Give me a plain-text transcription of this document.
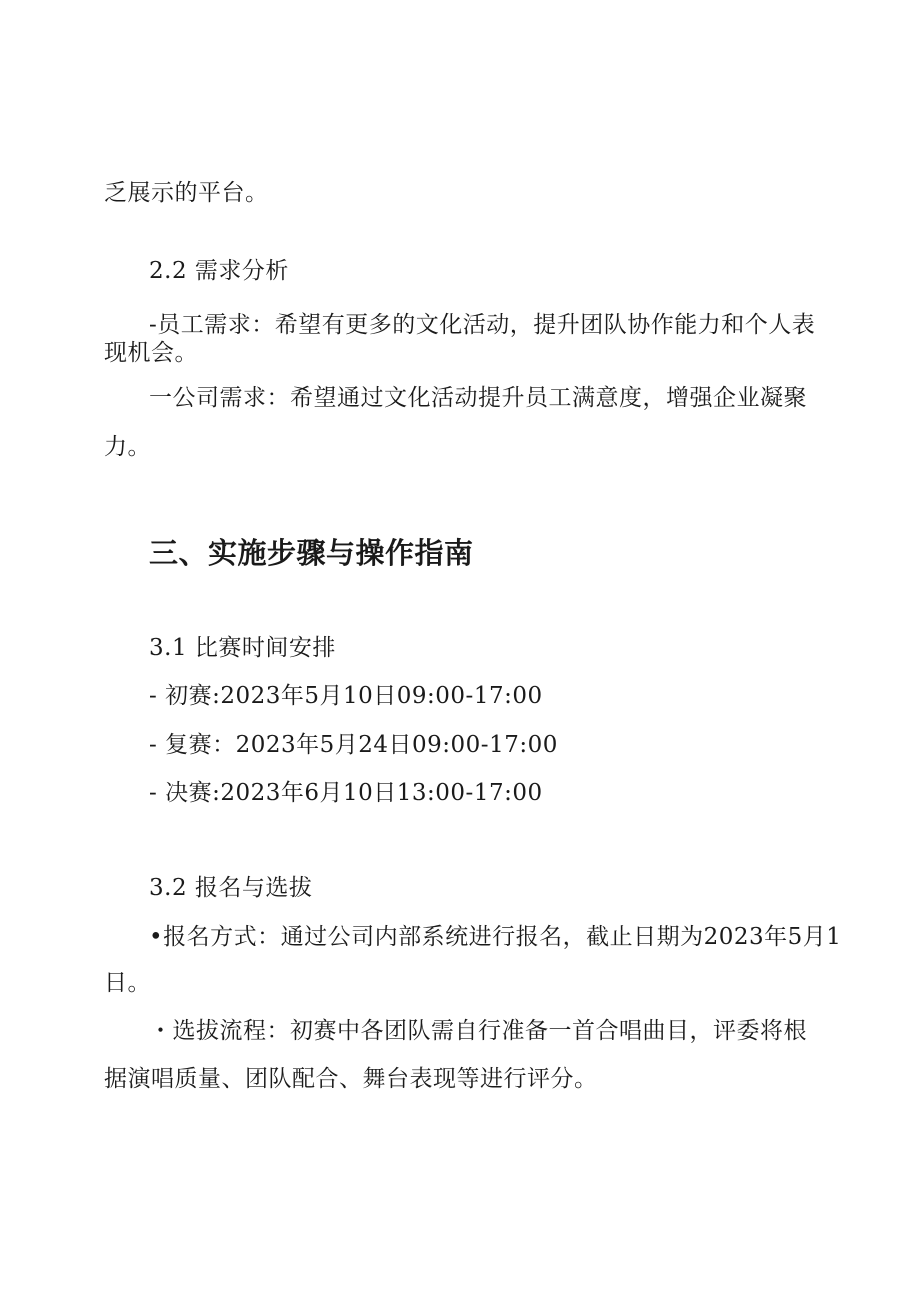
乏展示的平台。
2.2 需求分析
-员工需求：希望有更多的文化活动，提升团队协作能力和个人表
现机会。
一公司需求：希望通过文化活动提升员工满意度，增强企业凝聚
力。
三、实施步骤与操作指南
3.1 比赛时间安排
- 初赛:2023年5月10日09:00-17:00
- 复赛：2023年5月24日09:00-17:00
- 决赛:2023年6月10日13:00-17:00
3.2 报名与选拔
•报名方式：通过公司内部系统进行报名，截止日期为2023年5月1
日。
・选拔流程：初赛中各团队需自行准备一首合唱曲目，评委将根
据演唱质量、团队配合、舞台表现等进行评分。
